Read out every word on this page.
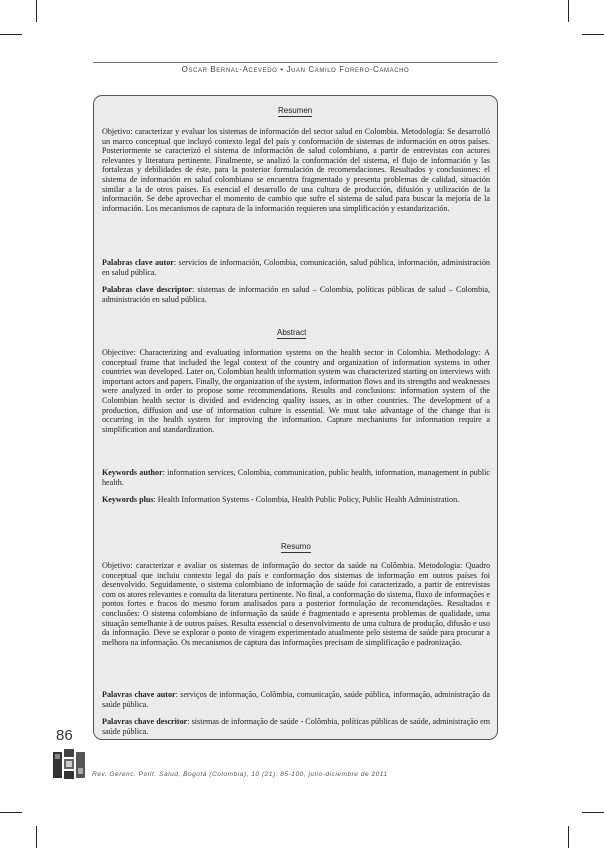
Oscar Bernal-Acevedo • Juan Camilo Forero-Camacho
Resumen

Objetivo: caracterizar y evaluar los sistemas de información del sector salud en Colombia. Metodología: Se desarrolló un marco conceptual que incluyó contexto legal del país y conformación de sistemas de información en otros países. Posteriormente se caracterizó el sistema de información de salud colombiano, a partir de entrevistas con actores relevantes y literatura pertinente. Finalmente, se analizó la conformación del sistema, el flujo de información y las fortalezas y debilidades de éste, para la posterior formulación de recomendaciones. Resultados y conclusiones: el sistema de información en salud colombiano se encuentra fragmentado y presenta problemas de calidad, situación similar a la de otros países. Es esencial el desarrollo de una cultura de producción, difusión y utilización de la información. Se debe aprovechar el momento de cambio que sufre el sistema de salud para buscar la mejoría de la información. Los mecanismos de captura de la información requieren una simplificación y estandarización.

Palabras clave autor: servicios de información, Colombia, comunicación, salud pública, información, administración en salud pública.

Palabras clave descriptor: sistemas de información en salud – Colombia, políticas públicas de salud – Colombia, administración en salud pública.

Abstract

Objective: Characterizing and evaluating information systems on the health sector in Colombia. Methodology: A conceptual frame that included the legal context of the country and organization of information systems in other countries was developed. Later on, Colombian health information system was characterized starting on interviews with important actors and papers. Finally, the organization of the system, information flows and its strengths and weaknesses were analyzed in order to propose some recommendations. Results and conclusions: information system of the Colombian health sector is divided and evidencing quality issues, as in other countries. The development of a production, diffusion and use of information culture is essential. We must take advantage of the change that is occurring in the health system for improving the information. Capture mechanisms for information require a simplification and standardization.

Keywords author: information services, Colombia, communication, public health, information, management in public health.

Keywords plus: Health Information Systems - Colombia, Health Public Policy, Public Health Administration.

Resumo

Objetivo: caracterizar e avaliar os sistemas de informação do sector da saúde na Colômbia. Metodologia: Quadro conceptual que incluiu contexto legal do país e conformação dos sistemas de informação em outros países foi desenvolvido. Seguidamente, o sistema colombiano de informação de saúde foi caracterizado, a partir de entrevistas com os atores relevantes e consulta da literatura pertinente. No final, a conformação do sistema, fluxo de informações e pontos fortes e fracos do mesmo foram analisados para a posterior formulação de recomendações. Resultados e conclusões: O sistema colombiano de informação da saúde é fragmentado e apresenta problemas de qualidade, uma situação semelhante à de outros países. Resulta essencial o desenvolvimento de uma cultura de produção, difusão e uso da informação. Deve se explorar o ponto de viragem experimentado atualmente pelo sistema de saúde para procurar a melhora na informação. Os mecanismos de captura das informações precisam de simplificação e padronização.

Palavras chave autor: serviços de informação, Colômbia, comunicação, saúde pública, informação, administração da saúde pública.

Palavras chave descritor: sistemas de informação de saúde - Colômbia, políticas públicas de saúde, administração em saúde pública.

86
Rev. Gerenc. Polít. Salud, Bogotá (Colombia), 10 (21): 85-100, julio-diciembre de 2011
